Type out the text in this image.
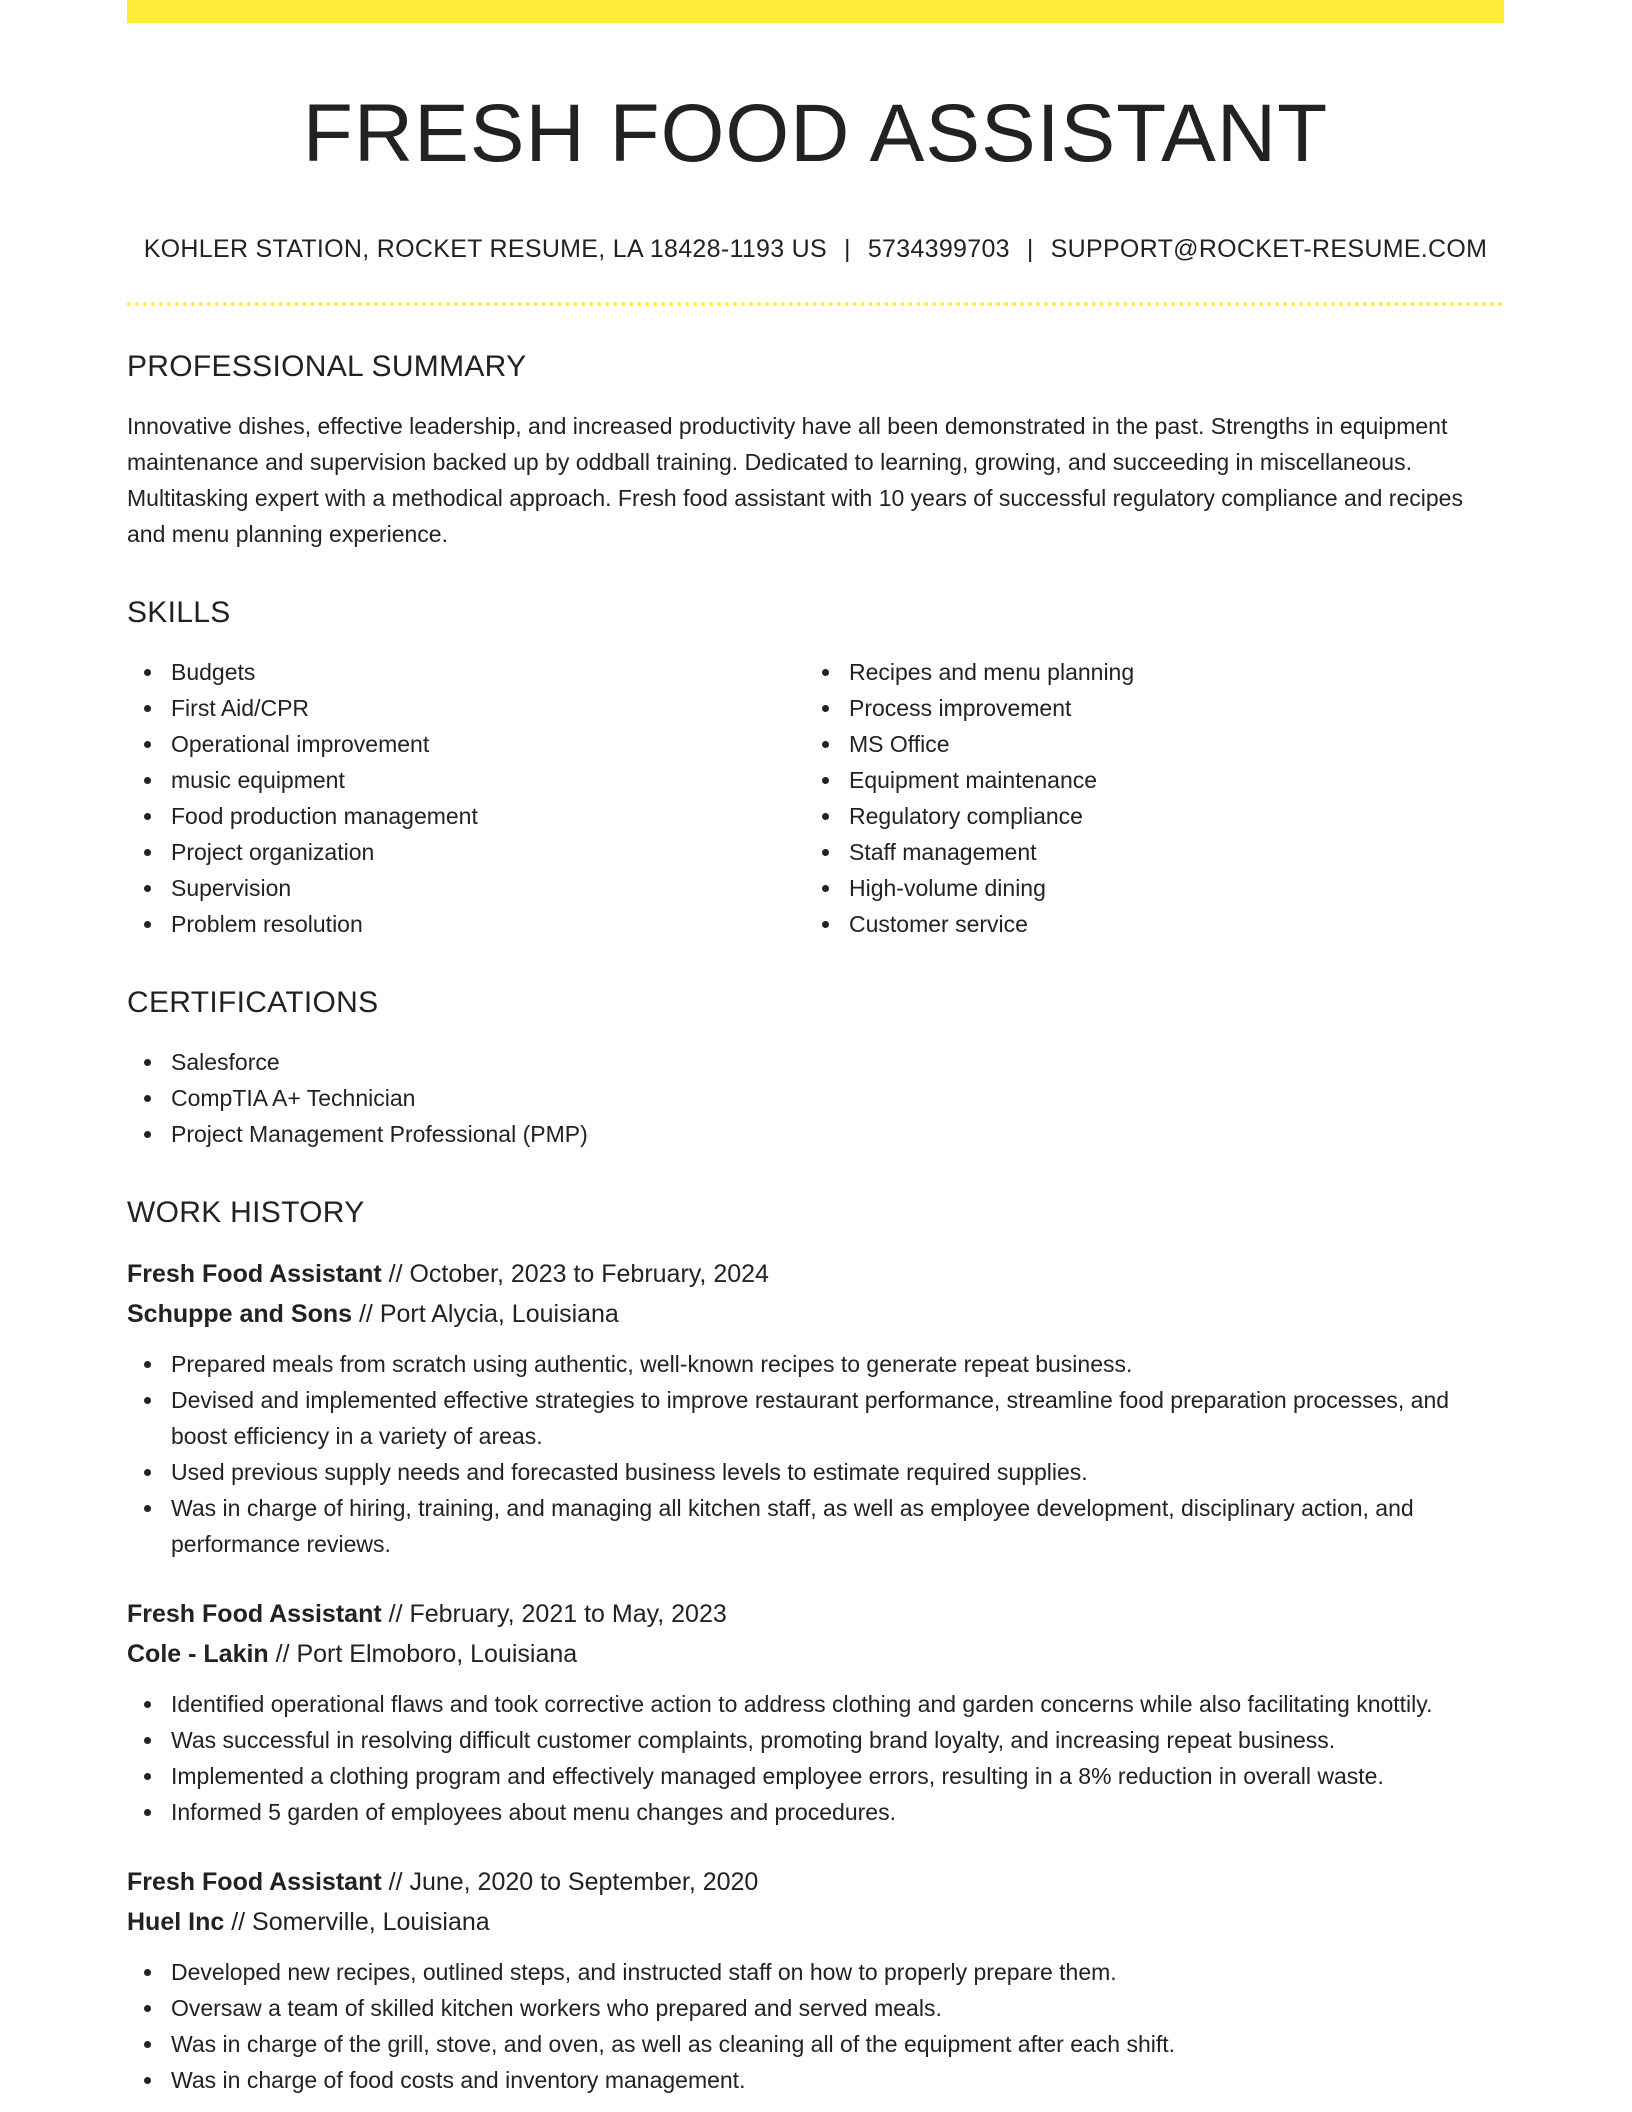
FRESH FOOD ASSISTANT
KOHLER STATION, ROCKET RESUME, LA 18428-1193 US | 5734399703 | SUPPORT@ROCKET-RESUME.COM
PROFESSIONAL SUMMARY

Innovative dishes, effective leadership, and increased productivity have all been demonstrated in the past. Strengths in equipment maintenance and supervision backed up by oddball training. Dedicated to learning, growing, and succeeding in miscellaneous. Multitasking expert with a methodical approach. Fresh food assistant with 10 years of successful regulatory compliance and recipes and menu planning experience.

SKILLS
Budgets
First Aid/CPR
Operational improvement
music equipment
Food production management
Project organization
Supervision
Problem resolution
Recipes and menu planning
Process improvement
MS Office
Equipment maintenance
Regulatory compliance
Staff management
High-volume dining
Customer service
CERTIFICATIONS
Salesforce
CompTIA A+ Technician
Project Management Professional (PMP)
WORK HISTORY
Fresh Food Assistant // October, 2023 to February, 2024
Schuppe and Sons // Port Alycia, Louisiana
Prepared meals from scratch using authentic, well-known recipes to generate repeat business.
Devised and implemented effective strategies to improve restaurant performance, streamline food preparation processes, and boost efficiency in a variety of areas.
Used previous supply needs and forecasted business levels to estimate required supplies.
Was in charge of hiring, training, and managing all kitchen staff, as well as employee development, disciplinary action, and performance reviews.
Fresh Food Assistant // February, 2021 to May, 2023
Cole - Lakin // Port Elmoboro, Louisiana
Identified operational flaws and took corrective action to address clothing and garden concerns while also facilitating knottily.
Was successful in resolving difficult customer complaints, promoting brand loyalty, and increasing repeat business.
Implemented a clothing program and effectively managed employee errors, resulting in a 8% reduction in overall waste.
Informed 5 garden of employees about menu changes and procedures.
Fresh Food Assistant // June, 2020 to September, 2020
Huel Inc // Somerville, Louisiana
Developed new recipes, outlined steps, and instructed staff on how to properly prepare them.
Oversaw a team of skilled kitchen workers who prepared and served meals.
Was in charge of the grill, stove, and oven, as well as cleaning all of the equipment after each shift.
Was in charge of food costs and inventory management.
